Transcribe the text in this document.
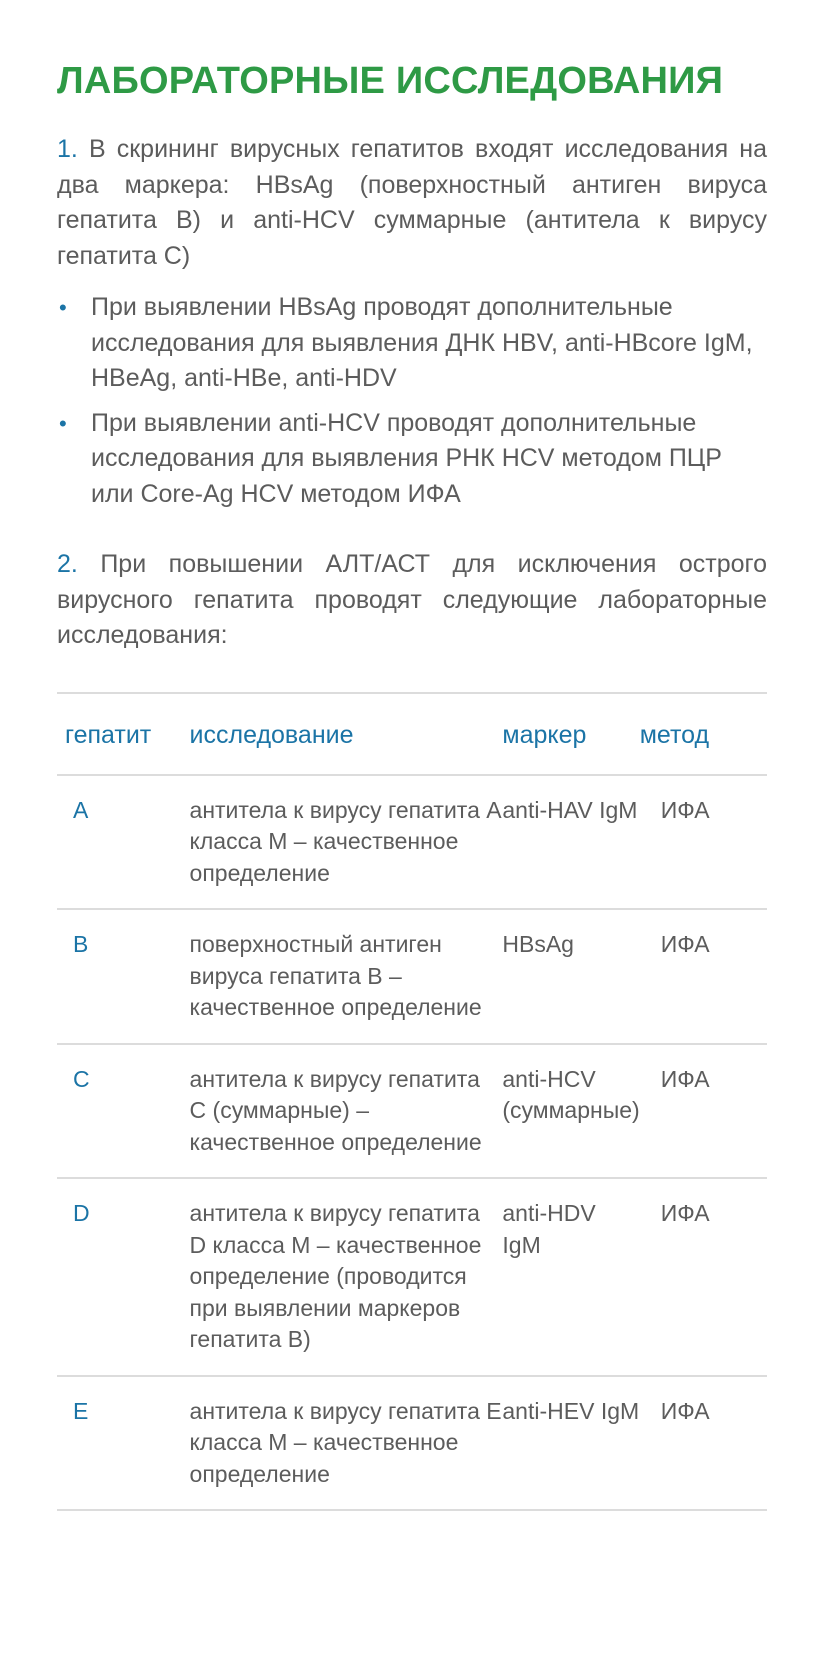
ЛАБОРАТОРНЫЕ ИССЛЕДОВАНИЯ

1. В скрининг вирусных гепатитов входят исследования на два маркера: HBsAg (поверхностный антиген вируса гепатита B) и anti-HCV суммарные (антитела к вирусу гепатита С)

• При выявлении HBsAg проводят дополнительные исследования для выявления ДНК HBV, anti-HBcore IgM, HBeAg, anti-HBe, anti-HDV
• При выявлении anti-HCV проводят дополнительные исследования для выявления РНК HCV методом ПЦР или Core-Ag HCV методом ИФА

2. При повышении АЛТ/АСТ для исключения острого вирусного гепатита проводят следующие лабораторные исследования:

гепатит	исследование	маркер	метод
A	антитела к вирусу гепатита А класса М – качественное определение	anti-HAV IgM	ИФА
B	поверхностный антиген вируса гепатита В – качественное определение	HBsAg	ИФА
C	антитела к вирусу гепатита С (суммарные) – качественное определение	anti-HCV (суммарные)	ИФА
D	антитела к вирусу гепатита D класса М – качественное определение (проводится при выявлении маркеров гепатита В)	anti-HDV IgM	ИФА
E	антитела к вирусу гепатита Е класса М – качественное определение	anti-HEV IgM	ИФА
